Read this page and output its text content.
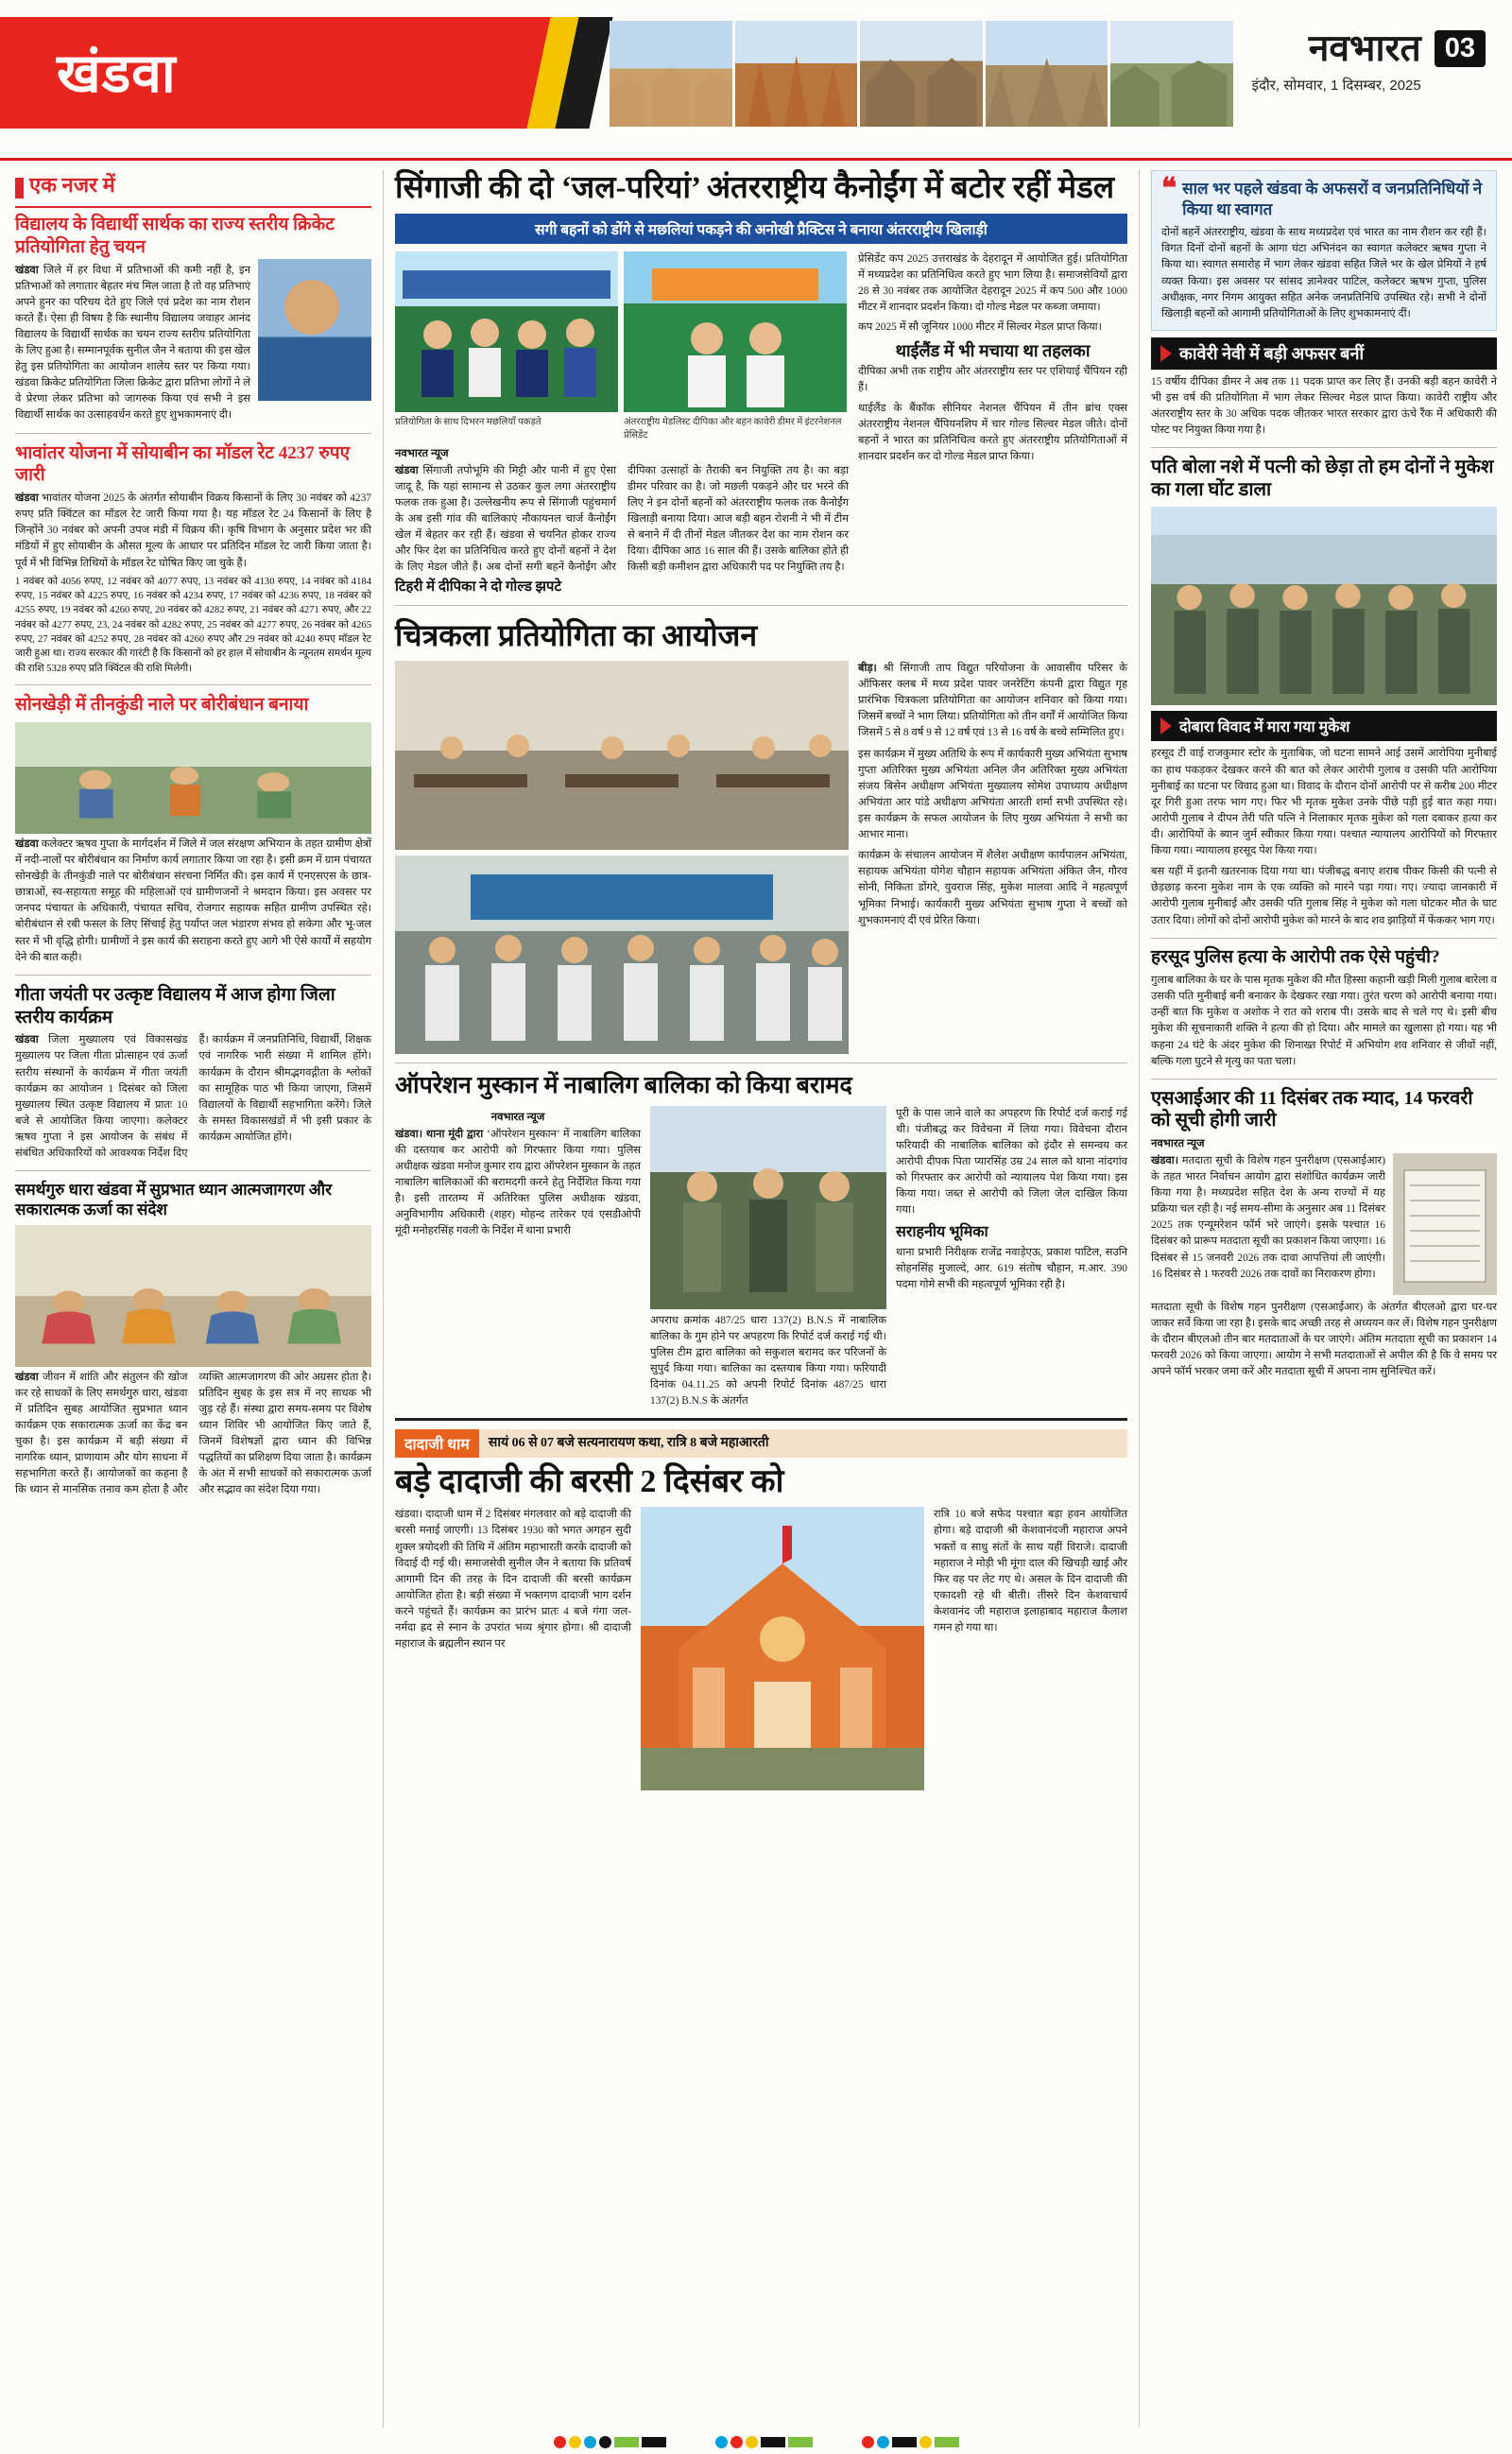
खंडवा	नवभारत
इंदौर, सोमवार, 1 दिसम्बर, 2025
03
एक नजर में
विद्यालय के विद्यार्थी सार्थक का राज्य स्तरीय क्रिकेट प्रतियोगिता हेतु चयन
खंडवा जिले में हर विधा में प्रतिभाओं की कमी नहीं है, इन प्रतिभाओं को लगातार बेहतर मंच मिल जाता है तो वह प्रतिभाएं अपने हुनर का परिचय देते हुए जिले एवं प्रदेश का नाम रोशन करते हैं। ऐसा ही विषय है कि स्थानीय विद्यालय जवाहर आनंद विद्यालय के विद्यार्थी सार्थक का चयन राज्य स्तरीय प्रतियोगिता के लिए हुआ है। सम्मानपूर्वक सुनील जैन ने बताया की इस खेल हेतु इस प्रतियोगिता का आयोजन शालेय स्तर पर किया गया। खंडवा क्रिकेट प्रतियोगिता जिला क्रिकेट द्वारा प्रतिभा लोगों ने ले वे प्रेरणा लेकर प्रतिभा को जागरुक किया एवं सभी ने इस विद्यार्थी सार्थक का उत्साहवर्धन करते हुए शुभकामनाएं दी।
भावांतर योजना में सोयाबीन का मॉडल रेट 4237 रुपए जारी
खंडवा भावांतर योजना 2025 के अंतर्गत सोयाबीन विक्रय किसानों के लिए 30 नवंबर को 4237 रुपए प्रति क्विंटल का मॉडल रेट जारी किया गया है। यह मॉडल रेट 24 किसानों के लिए है जिन्होंने 30 नवंबर को अपनी उपज मंडी में विक्रय की। कृषि विभाग के अनुसार प्रदेश भर की मंडियों में हुए सोयाबीन के औसत मूल्य के आधार पर प्रतिदिन मॉडल रेट जारी किया जाता है। पूर्व में भी विभिन्न तिथियों के मॉडल रेट घोषित किए जा चुके हैं।
1 नवंबर को 4056 रुपए, 12 नवंबर को 4077 रुपए, 13 नवंबर को 4130 रुपए, 14 नवंबर को 4184 रुपए, 15 नवंबर को 4225 रुपए, 16 नवंबर को 4234 रुपए, 17 नवंबर को 4236 रुपए, 18 नवंबर को 4255 रुपए, 19 नवंबर को 4260 रुपए, 20 नवंबर को 4282 रुपए, 21 नवंबर को 4271 रुपए, और 22 नवंबर को 4277 रुपए, 23, 24 नवंबर को 4282 रुपए, 25 नवंबर को 4277 रुपए, 26 नवंबर को 4265 रुपए, 27 नवंबर को 4252 रुपए, 28 नवंबर को 4260 रुपए और 29 नवंबर को 4240 रुपए मॉडल रेट जारी हुआ था। राज्य सरकार की गारंटी है कि किसानों को हर हाल में सोयाबीन के न्यूनतम समर्थन मूल्य की राशि 5328 रुपए प्रति क्विंटल की राशि मिलेगी।
सोनखेड़ी में तीनकुंडी नाले पर बोरीबंधान बनाया
खंडवा कलेक्टर ऋषव गुप्ता के मार्गदर्शन में जिले में जल संरक्षण अभियान के तहत ग्रामीण क्षेत्रों में नदी-नालों पर बोरीबंधान का निर्माण कार्य लगातार किया जा रहा है। इसी क्रम में ग्राम पंचायत सोनखेड़ी के तीनकुंडी नाले पर बोरीबंधान संरचना निर्मित की। इस कार्य में एनएसएस के छात्र-छात्राओं, स्व-सहायता समूह की महिलाओं एवं ग्रामीणजनों ने श्रमदान किया। इस अवसर पर जनपद पंचायत के अधिकारी, पंचायत सचिव, रोजगार सहायक सहित ग्रामीण उपस्थित रहे। बोरीबंधान से रबी फसल के लिए सिंचाई हेतु पर्याप्त जल भंडारण संभव हो सकेगा और भू-जल स्तर में भी वृद्धि होगी। ग्रामीणों ने इस कार्य की सराहना करते हुए आगे भी ऐसे कार्यों में सहयोग देने की बात कही।
गीता जयंती पर उत्कृष्ट विद्यालय में आज होगा जिला स्तरीय कार्यक्रम
खंडवा जिला मुख्यालय एवं विकासखंड मुख्यालय पर जिला गीता प्रोत्साहन एवं ऊर्जा स्तरीय संस्थानों के कार्यक्रम में गीता जयंती कार्यक्रम का आयोजन 1 दिसंबर को जिला मुख्यालय स्थित उत्कृष्ट विद्यालय में प्रातः 10 बजे से आयोजित किया जाएगा। कलेक्टर ऋषव गुप्ता ने इस आयोजन के संबंध में संबंधित अधिकारियों को आवश्यक निर्देश दिए हैं। कार्यक्रम में जनप्रतिनिधि, विद्यार्थी, शिक्षक एवं नागरिक भारी संख्या में शामिल होंगे। कार्यक्रम के दौरान श्रीमद्भगवद्गीता के श्लोकों का सामूहिक पाठ भी किया जाएगा, जिसमें विद्यालयों के विद्यार्थी सहभागिता करेंगे। जिले के समस्त विकासखंडों में भी इसी प्रकार के कार्यक्रम आयोजित होंगे।
समर्थगुरु धारा खंडवा में सुप्रभात ध्यान आत्मजागरण और सकारात्मक ऊर्जा का संदेश
खंडवा जीवन में शांति और संतुलन की खोज कर रहे साधकों के लिए समर्थगुरु धारा, खंडवा में प्रतिदिन सुबह आयोजित सुप्रभात ध्यान कार्यक्रम एक सकारात्मक ऊर्जा का केंद्र बन चुका है। इस कार्यक्रम में बड़ी संख्या में नागरिक ध्यान, प्राणायाम और योग साधना में सहभागिता करते हैं। आयोजकों का कहना है कि ध्यान से मानसिक तनाव कम होता है और व्यक्ति आत्मजागरण की ओर अग्रसर होता है। प्रतिदिन सुबह के इस सत्र में नए साधक भी जुड़ रहे हैं। संस्था द्वारा समय-समय पर विशेष ध्यान शिविर भी आयोजित किए जाते हैं, जिनमें विशेषज्ञों द्वारा ध्यान की विभिन्न पद्धतियों का प्रशिक्षण दिया जाता है। कार्यक्रम के अंत में सभी साधकों को सकारात्मक ऊर्जा और सद्भाव का संदेश दिया गया।
सिंगाजी की दो ‘जल-परियां’ अंतरराष्ट्रीय कैनोईंग में बटोर रहीं मेडल
सगी बहनों को डोंगे से मछलियां पकड़ने की अनोखी प्रैक्टिस ने बनाया अंतरराष्ट्रीय खिलाड़ी
प्रतियोगिता के साथ दिभरन मछलियाँ पकड़ते	अंतरराष्ट्रीय मेडलिस्ट दीपिका और बहन कावेरी डीमर में इंटरनेशनल प्रेसिडेंट
नवभारत न्यूज
खंडवा सिंगाजी तपोभूमि की मिट्टी और पानी में हुए ऐसा जादू है, कि यहां सामान्य से उठकर कुल लगा अंतरराष्ट्रीय फलक तक हुआ है। उल्लेखनीय रूप से सिंगाजी पहुंचमार्ग के अब इसी गांव की बालिकाएं नौकायनल चार्ज कैनोईंग खेल में बेहतर कर रही हैं। खंडवा से चयनित होकर राज्य और फिर देश का प्रतिनिधित्व करते हुए दोनों बहनों ने देश के लिए मेडल जीते हैं। अब दोनों सगी बहनें कैनोईंग और दीपिका उत्साहों के तैराकी बन नियुक्ति तय है। का बड़ा डीमर परिवार का है। जो मछली पकड़ने और घर भरने की लिए ने इन दोनों बहनों को अंतरराष्ट्रीय फलक तक कैनोईंग खिलाड़ी बनाया दिया। आज बड़ी बहन रोशनी ने भी में टीम से बनाने में दी तीनों मेडल जीतकर देश का नाम रोशन कर दिया। दीपिका आठ 16 साल की हैं। उसके बालिका होते ही किसी बड़ी कमीशन द्वारा अधिकारी पद पर नियुक्ति तय है।
टिहरी में दीपिका ने दो गोल्ड झपटे
प्रेसिडेंट कप 2025 उत्तराखंड के देहरादून में आयोजित हुई। प्रतियोगिता में मध्यप्रदेश का प्रतिनिधित्व करते हुए भाग लिया है। समाजसेवियों द्वारा 28 से 30 नवंबर तक आयोजित देहरादून 2025 में कप 500 और 1000 मीटर में शानदार प्रदर्शन किया। दो गोल्ड मेडल पर कब्जा जमाया।
कप 2025 में सौ जूनियर 1000 मीटर में सिल्वर मेडल प्राप्त किया।
थाईलैंड में भी मचाया था तहलका
दीपिका अभी तक राष्ट्रीय और अंतरराष्ट्रीय स्तर पर एशियाई चैंपियन रही हैं।
थाईलैंड के बैंकॉक सीनियर नेशनल चैंपियन में तीन ब्रांच एक्स अंतरराष्ट्रीय नेशनल चैंपियनशिप में चार गोल्ड सिल्वर मेडल जीते। दोनों बहनों ने भारत का प्रतिनिधित्व करते हुए अंतरराष्ट्रीय प्रतियोगिताओं में शानदार प्रदर्शन कर दो गोल्ड मेडल प्राप्त किया।
चित्रकला प्रतियोगिता का आयोजन
बीड़। श्री सिंगाजी ताप विद्युत परियोजना के आवासीय परिसर के ऑफिसर क्लब में मध्य प्रदेश पावर जनरेटिंग कंपनी द्वारा विद्युत गृह प्रारंभिक चित्रकला प्रतियोगिता का आयोजन शनिवार को किया गया। जिसमें बच्चों ने भाग लिया। प्रतियोगिता को तीन वर्गों में आयोजित किया जिसमें 5 से 8 वर्ष 9 से 12 वर्ष एवं 13 से 16 वर्ष के बच्चे सम्मिलित हुए।
इस कार्यक्रम में मुख्य अतिथि के रूप में कार्यकारी मुख्य अभियंता सुभाष गुप्ता अतिरिक्त मुख्य अभियंता अनिल जैन अतिरिक्त मुख्य अभियंता संजय बिसेन अधीक्षण अभियंता मुख्यालय सोमेश उपाध्याय अधीक्षण अभियंता आर पांडे अधीक्षण अभियंता आरती शर्मा सभी उपस्थित रहे। इस कार्यक्रम के सफल आयोजन के लिए मुख्य अभियंता ने सभी का आभार माना।
कार्यक्रम के संचालन आयोजन में शैलेश अधीक्षण कार्यपालन अभियंता, सहायक अभियंता योगेश चौहान सहायक अभियंता अंकित जैन, गौरव सोनी, निकिता डोंगरे, युवराज सिंह, मुकेश मालवा आदि ने महत्वपूर्ण भूमिका निभाई। कार्यकारी मुख्य अभियंता सुभाष गुप्ता ने बच्चों को शुभकामनाएं दीं एवं प्रेरित किया।
ऑपरेशन मुस्कान में नाबालिग बालिका को किया बरामद
नवभारत न्यूज
खंडवा। थाना मूंदी द्वारा ‘ऑपरेशन मुस्कान’ में नाबालिग बालिका की दस्तयाब कर आरोपी को गिरफ्तार किया गया। पुलिस अधीक्षक खंडवा मनोज कुमार राय द्वारा ऑपरेशन मुस्कान के तहत नाबालिग बालिकाओं की बरामदगी करने हेतु निर्देशित किया गया है। इसी तारतम्य में अतिरिक्त पुलिस अधीक्षक खंडवा, अनुविभागीय अधिकारी (शहर) मोहन्द तारेकर एवं एसडीओपी मूंदी मनोहरसिंह गवली के निर्देश में थाना प्रभारी
अपराध क्रमांक 487/25 धारा 137(2) B.N.S में नाबालिक बालिका के गुम होने पर अपहरण कि रिपोर्ट दर्ज कराई गई थी। पुलिस टीम द्वारा बालिका को सकुशल बरामद कर परिजनों के सुपुर्द किया गया। बालिका का दस्तयाब किया गया। फरियादी दिनांक 04.11.25 को अपनी रिपोर्ट दिनांक 487/25 धारा 137(2) B.N.S के अंतर्गत
पूरी के पास जाने वाले का अपहरण कि रिपोर्ट दर्ज कराई गई थी। पंजीबद्ध कर विवेचना में लिया गया। विवेचना दौरान फरियादी की नाबालिक बालिका को इंदौर से समन्वय कर आरोपी दीपक पिता प्यारसिंह उम्र 24 साल को थाना नांदगांव को गिरफ्तार कर आरोपी को न्यायालय पेश किया गया। इस किया गया। जब्त से आरोपी को जिला जेल दाखिल किया गया।
सराहनीय भूमिका
थाना प्रभारी निरीक्षक राजेंद्र नवाड़ेएऊ, प्रकाश पाटिल, सउनि सोहनसिंह मुजाल्दे, आर. 619 संतोष चौहान, म.आर. 390 पदमा गोमे सभी की महत्वपूर्ण भूमिका रही है।
दादाजी धाम	सायं 06 से 07 बजे सत्यनारायण कथा, रात्रि 8 बजे महाआरती
बड़े दादाजी की बरसी 2 दिसंबर को
खंडवा। दादाजी धाम में 2 दिसंबर मंगलवार को बड़े दादाजी की बरसी मनाई जाएगी। 13 दिसंबर 1930 को भगत अगहन सुदी शुक्ल त्रयोदशी की तिथि में अंतिम महाभारती करके दादाजी को विदाई दी गई थी। समाजसेवी सुनील जैन ने बताया कि प्रतिवर्ष आगामी दिन की तरह के दिन दादाजी की बरसी कार्यक्रम आयोजित होता है। बड़ी संख्या में भक्तगण दादाजी भाग दर्शन करने पहुंचते हैं। कार्यक्रम का प्रारंभ प्रातः 4 बजे गंगा जल- नर्मदा ह्रद से स्नान के उपरांत भव्य श्रृंगार होगा। श्री दादाजी महाराज के ब्रह्मलीन स्थान पर
रात्रि 10 बजे सफेद पश्चात बड़ा हवन आयोजित होगा। बड़े दादाजी श्री केशवानंदजी महाराज अपने भक्तों व साधु संतों के साथ यहीं विराजे। दादाजी महाराज ने मोड़ी भी मूंगा दाल की खिचड़ी खाई और फिर वह पर लेट गए थे। असल के दिन दादाजी की एकादशी रहे थी बीती। तीसरे दिन केशवाचार्य केशवानंद जी महाराज इलाहाबाद महाराज कैलाश गमन हो गया था।
❝ साल भर पहले खंडवा के अफसरों व जनप्रतिनिधियों ने किया था स्वागत
दोनों बहनें अंतरराष्ट्रीय, खंडवा के साथ मध्यप्रदेश एवं भारत का नाम रौशन कर रही हैं। विगत दिनों दोनों बहनों के आगा घंटा अभिनंदन का स्वागत कलेक्टर ऋषव गुप्ता ने किया था। स्वागत समारोह में भाग लेकर खंडवा सहित जिले भर के खेल प्रेमियों ने हर्ष व्यक्त किया। इस अवसर पर सांसद ज्ञानेश्वर पाटिल, कलेक्टर ऋषभ गुप्ता, पुलिस अधीक्षक, नगर निगम आयुक्त सहित अनेक जनप्रतिनिधि उपस्थित रहे। सभी ने दोनों खिलाड़ी बहनों को आगामी प्रतियोगिताओं के लिए शुभकामनाएं दीं।
कावेरी नेवी में बड़ी अफसर बनीं
15 वर्षीय दीपिका डीमर ने अब तक 11 पदक प्राप्त कर लिए हैं। उनकी बड़ी बहन कावेरी ने भी इस वर्ष की प्रतियोगिता में भाग लेकर सिल्वर मेडल प्राप्त किया। कावेरी राष्ट्रीय और अंतरराष्ट्रीय स्तर के 30 अधिक पदक जीतकर भारत सरकार द्वारा ऊंचे रैंक में अधिकारी की पोस्ट पर नियुक्त किया गया है।
पति बोला नशे में पत्नी को छेड़ा तो हम दोनों ने मुकेश का गला घोंट डाला
दोबारा विवाद में मारा गया मुकेश
हरसूद टी वाई राजकुमार स्टोर के मुताबिक, जो घटना सामने आई उसमें आरोपिया मुनीबाई का हाथ पकड़कर देखकर करने की बात को लेकर आरोपी गुलाब व उसकी पति आरोपिया मुनीबाई का घटना पर विवाद हुआ था। विवाद के दौरान दोनों आरोपी पर से करीब 200 मीटर दूर गिरी हुआ तरफ भाग गए। फिर भी मृतक मुकेश उनके पीछे पड़ी हुई बात कहा गया। आरोपी गुलाब ने दीपन तेरी पति पत्नि ने निलाकार मृतक मुकेश को गला दबाकर हत्या कर दी। आरोपियों के ब्यान जुर्म स्वीकार किया गया। पश्चात न्यायालय आरोपियों को गिरफ्तार किया गया। न्यायालय हरसूद पेश किया गया।
बस यहीं में इतनी खतरनाक दिया गया था। पंजीबद्ध बनाए शराब पीकर किसी की पत्नी से छेड़छाड़ करना मुकेश नाम के एक व्यक्ति को मारने पड़ा गया। गए। ज्यादा जानकारी में आरोपी गुलाब मुनीबाई और उसकी पति गुलाब सिंह ने मुकेश को गला घोटकर मौत के घाट उतार दिया। लोगों को दोनों आरोपी मुकेश को मारने के बाद शव झाड़ियों में फेंककर भाग गए।
हरसूद पुलिस हत्या के आरोपी तक ऐसे पहुंची?
गुलाब बालिका के घर के पास मृतक मुकेश की मौत हिस्सा कहानी खड़ी मिली गुलाब बारेला व उसकी पति मुनीबाई बनी बनाकर के देखकर रखा गया। तुरंत चरण को आरोपी बनाया गया। उन्हीं बात कि मुकेश व अशोक ने रात को शराब पी। उसके बाद से चले गए थे। इसी बीच मुकेश की सूचनाकारी शक्ति ने हत्या की हो दिया। और मामले का खुलासा हो गया। यह भी कहना 24 घंटे के अंदर मुकेश की शिनाख्त रिपोर्ट में अभियोग शव शनिवार से जीवों नहीं, बल्कि गला घुटने से मृत्यु का पता चला।
एसआईआर की 11 दिसंबर तक म्याद, 14 फरवरी को सूची होगी जारी
नवभारत न्यूज
खंडवा। मतदाता सूची के विशेष गहन पुनरीक्षण (एसआईआर) के तहत भारत निर्वाचन आयोग द्वारा संशोधित कार्यक्रम जारी किया गया है। मध्यप्रदेश सहित देश के अन्य राज्यों में यह प्रक्रिया चल रही है। नई समय-सीमा के अनुसार अब 11 दिसंबर 2025 तक एन्यूमरेशन फॉर्म भरे जाएंगे। इसके पश्चात 16 दिसंबर को प्रारूप मतदाता सूची का प्रकाशन किया जाएगा। 16 दिसंबर से 15 जनवरी 2026 तक दावा आपत्तियां ली जाएंगी। 16 दिसंबर से 1 फरवरी 2026 तक दावों का निराकरण होगा।
मतदाता सूची के विशेष गहन पुनरीक्षण (एसआईआर) के अंतर्गत बीएलओ द्वारा घर-घर जाकर सर्वे किया जा रहा है। इसके बाद अच्छी तरह से अध्ययन कर लें। विशेष गहन पुनरीक्षण के दौरान बीएलओ तीन बार मतदाताओं के घर जाएंगे। अंतिम मतदाता सूची का प्रकाशन 14 फरवरी 2026 को किया जाएगा। आयोग ने सभी मतदाताओं से अपील की है कि वे समय पर अपने फॉर्म भरकर जमा करें और मतदाता सूची में अपना नाम सुनिश्चित करें।
